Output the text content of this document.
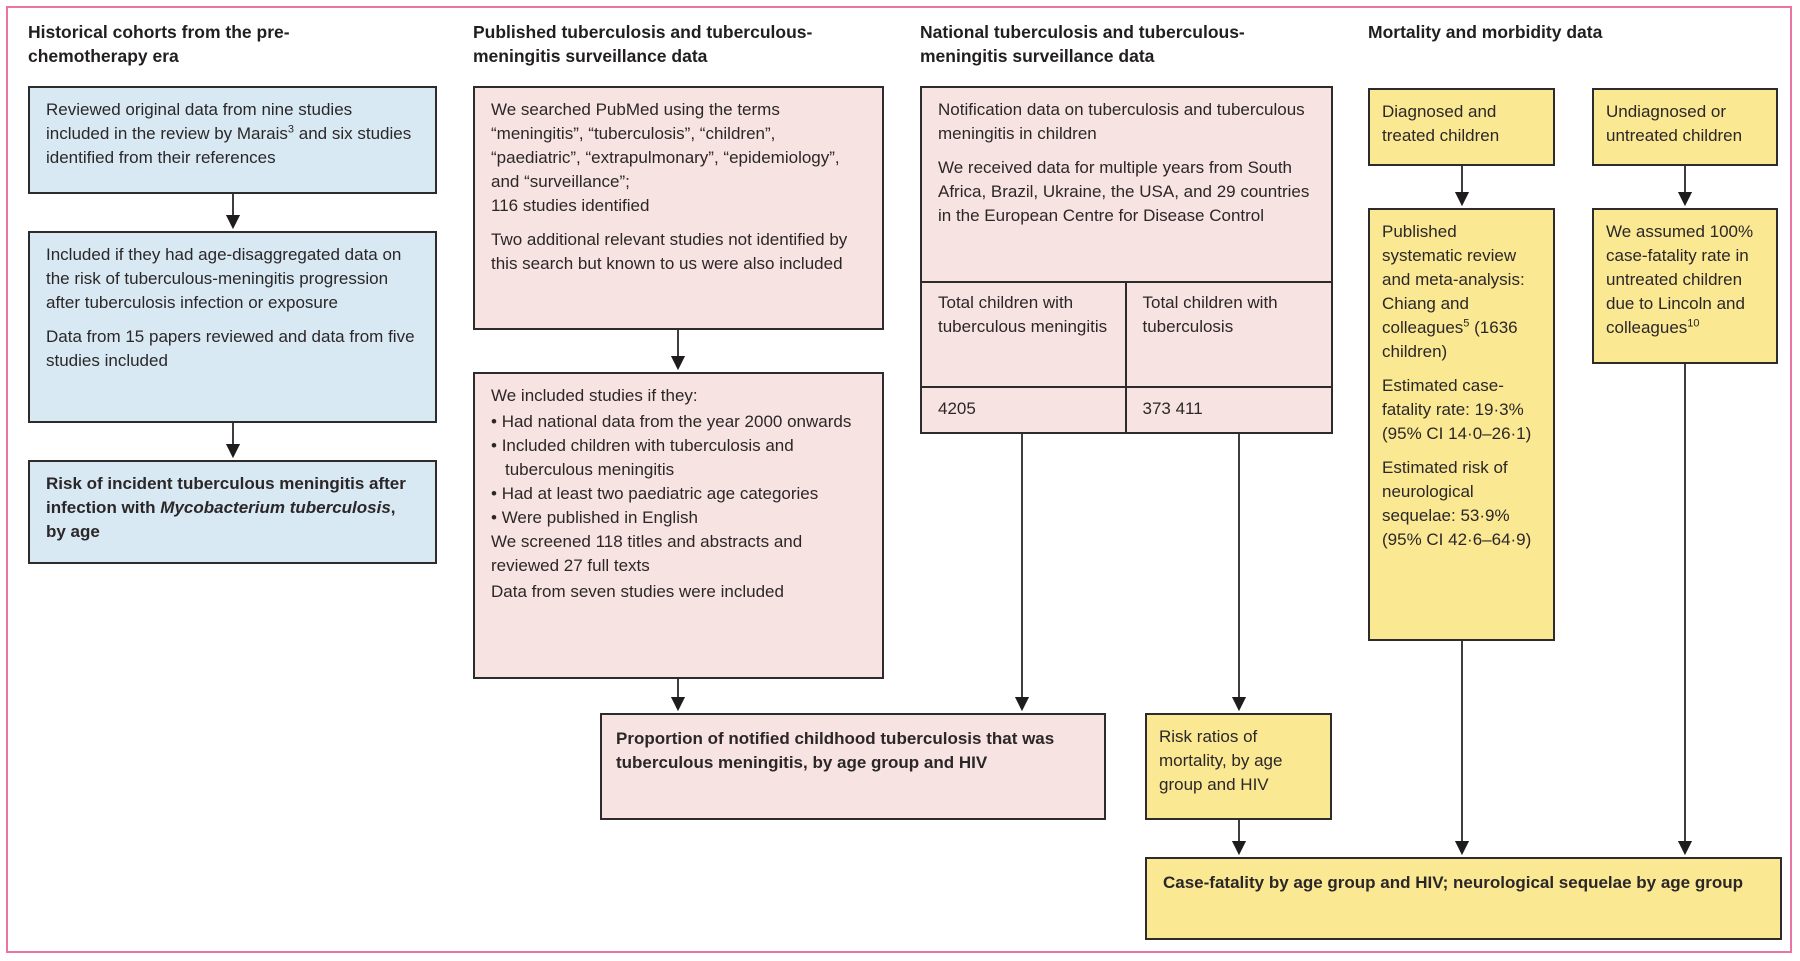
Historical cohorts from the pre-chemotherapy era
Published tuberculosis and tuberculous-meningitis surveillance data
National tuberculosis and tuberculous-meningitis surveillance data
Mortality and morbidity data

Reviewed original data from nine studies included in the review by Marais$^3$ and six studies identified from their references

Included if they had age-disaggregated data on the risk of tuberculous-meningitis progression after tuberculosis infection or exposure

Data from 15 papers reviewed and data from five studies included

Risk of incident tuberculous meningitis after infection with Mycobacterium tuberculosis, by age

We searched PubMed using the terms “meningitis”, “tuberculosis”, “children”, “paediatric”, “extrapulmonary”, “epidemiology”, and “surveillance”;
116 studies identified

Two additional relevant studies not identified by this search but known to us were also included

We included studies if they:

• Had national data from the year 2000 onwards
• Included children with tuberculosis and tuberculous meningitis
• Had at least two paediatric age categories
• Were published in English

We screened 118 titles and abstracts and reviewed 27 full texts

Data from seven studies were included

Proportion of notified childhood tuberculosis that was tuberculous meningitis, by age group and HIV

Notification data on tuberculosis and tuberculous meningitis in children

We received data for multiple years from South Africa, Brazil, Ukraine, the USA, and 29 countries in the European Centre for Disease Control

Total children with tuberculous meningitis
Total children with tuberculosis
4205	373 411

Risk ratios of mortality, by age group and HIV

Diagnosed and treated children

Undiagnosed or untreated children

Published systematic review and meta-analysis: Chiang and colleagues$^5$ (1636 children)

Estimated case-fatality rate: 19·3% (95% CI 14·0–26·1)

Estimated risk of neurological sequelae: 53·9% (95% CI 42·6–64·9)

We assumed 100% case-fatality rate in untreated children due to Lincoln and colleagues$^{10}$

Case-fatality by age group and HIV; neurological sequelae by age group
